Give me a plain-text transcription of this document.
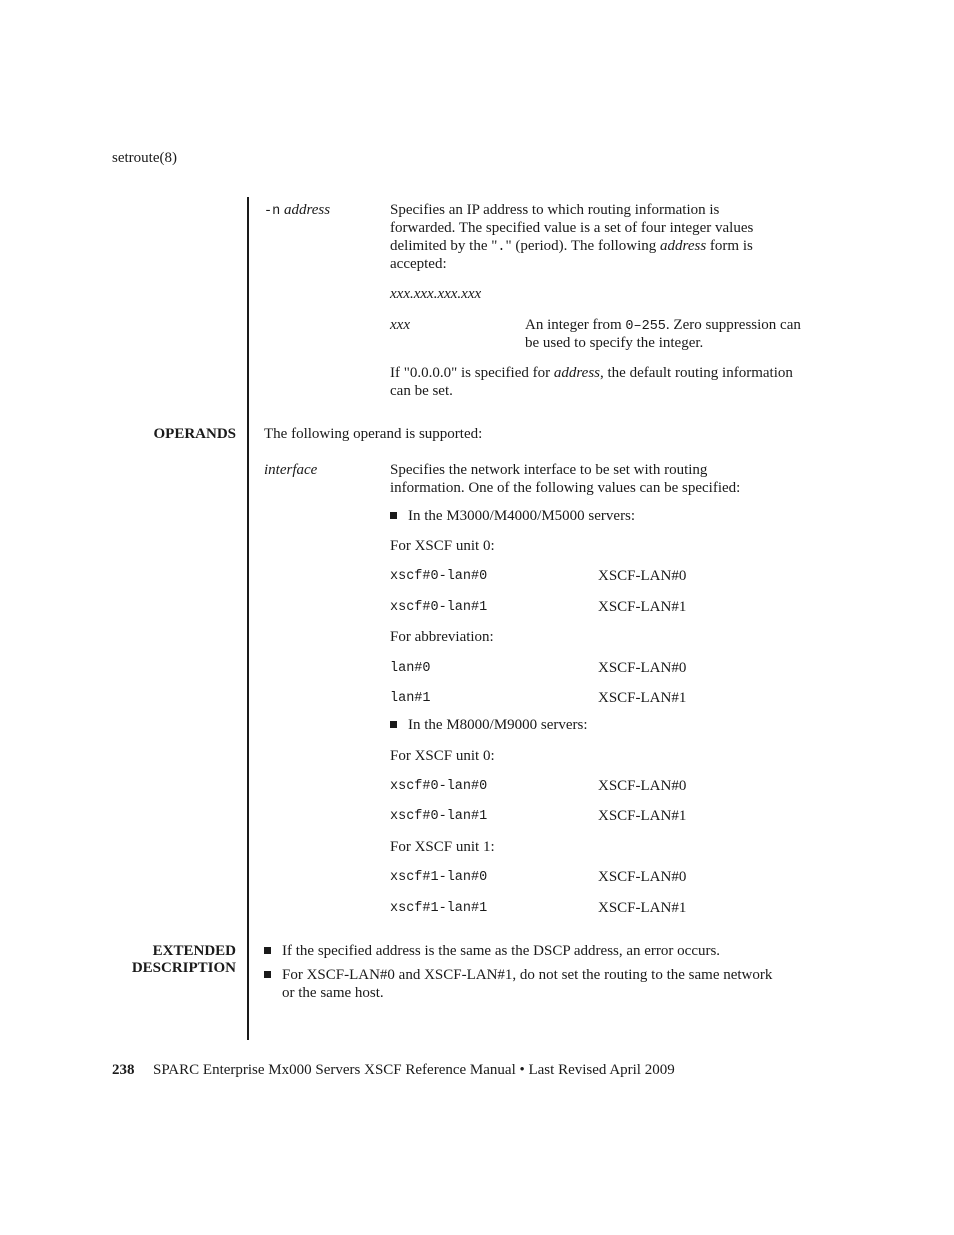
setroute(8)
-n address	Specifies an IP address to which routing information is
forwarded. The specified value is a set of four integer values
delimited by the "." (period). The following address form is
accepted:
xxx.xxx.xxx.xxx
xxx	An integer from 0–255. Zero suppression can
be used to specify the integer.
If "0.0.0.0" is specified for address, the default routing information
can be set.
OPERANDS The following operand is supported:
interface	Specifies the network interface to be set with routing
information. One of the following values can be specified:
In the M3000/M4000/M5000 servers:
For XSCF unit 0:
xscf#0-lan#0	XSCF-LAN#0
xscf#0-lan#1	XSCF-LAN#1
For abbreviation:
lan#0	XSCF-LAN#0
lan#1	XSCF-LAN#1
In the M8000/M9000 servers:
For XSCF unit 0:
xscf#0-lan#0	XSCF-LAN#0
xscf#0-lan#1	XSCF-LAN#1
For XSCF unit 1:
xscf#1-lan#0	XSCF-LAN#0
xscf#1-lan#1	XSCF-LAN#1
EXTENDED
DESCRIPTION
If the specified address is the same as the DSCP address, an error occurs.
For XSCF-LAN#0 and XSCF-LAN#1, do not set the routing to the same network
or the same host.
238 SPARC Enterprise Mx000 Servers XSCF Reference Manual • Last Revised April 2009
